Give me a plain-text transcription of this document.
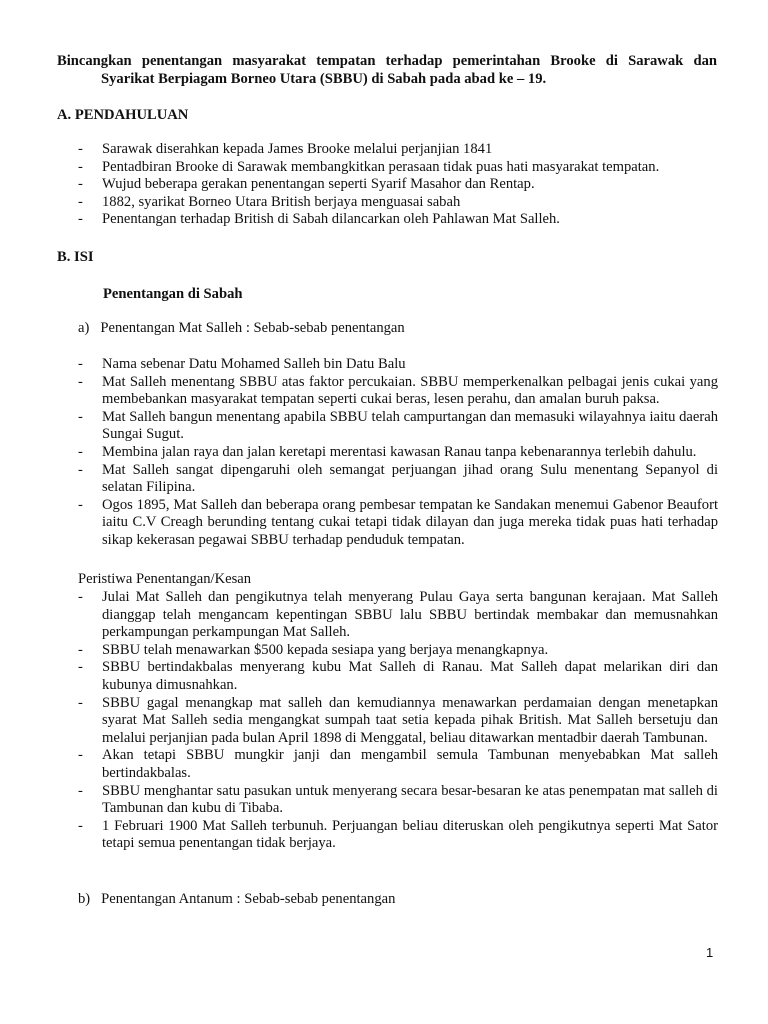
Bincangkan penentangan masyarakat tempatan terhadap pemerintahan Brooke di Sarawak dan
Syarikat Berpiagam Borneo Utara (SBBU) di Sabah pada abad ke – 19.
A. PENDAHULUAN
- Sarawak diserahkan kepada James Brooke melalui perjanjian 1841
- Pentadbiran Brooke di Sarawak membangkitkan perasaan tidak puas hati masyarakat tempatan.
- Wujud beberapa gerakan penentangan seperti Syarif Masahor dan Rentap.
- 1882, syarikat Borneo Utara British berjaya menguasai sabah
- Penentangan terhadap British di Sabah dilancarkan oleh Pahlawan Mat Salleh.
B. ISI
Penentangan di Sabah
a) Penentangan Mat Salleh : Sebab-sebab penentangan
- Nama sebenar Datu Mohamed Salleh bin Datu Balu
- Mat Salleh menentang SBBU atas faktor percukaian. SBBU memperkenalkan pelbagai jenis cukai yang membebankan masyarakat tempatan seperti cukai beras, lesen perahu, dan amalan buruh paksa.
- Mat Salleh bangun menentang apabila SBBU telah campurtangan dan memasuki wilayahnya iaitu daerah Sungai Sugut.
- Membina jalan raya dan jalan keretapi merentasi kawasan Ranau tanpa kebenarannya terlebih dahulu.
- Mat Salleh sangat dipengaruhi oleh semangat perjuangan jihad orang Sulu menentang Sepanyol di selatan Filipina.
- Ogos 1895, Mat Salleh dan beberapa orang pembesar tempatan ke Sandakan menemui Gabenor Beaufort iaitu C.V Creagh berunding tentang cukai tetapi tidak dilayan dan juga mereka tidak puas hati terhadap sikap kekerasan pegawai SBBU terhadap penduduk tempatan.
Peristiwa Penentangan/Kesan
- Julai Mat Salleh dan pengikutnya telah menyerang Pulau Gaya serta bangunan kerajaan. Mat Salleh dianggap telah mengancam kepentingan SBBU lalu SBBU bertindak membakar dan memusnahkan perkampungan perkampungan Mat Salleh.
- SBBU telah menawarkan $500 kepada sesiapa yang berjaya menangkapnya.
- SBBU bertindakbalas menyerang kubu Mat Salleh di Ranau. Mat Salleh dapat melarikan diri dan kubunya dimusnahkan.
- SBBU gagal menangkap mat salleh dan kemudiannya menawarkan perdamaian dengan menetapkan syarat Mat Salleh sedia mengangkat sumpah taat setia kepada pihak British. Mat Salleh bersetuju dan melalui perjanjian pada bulan April 1898 di Menggatal, beliau ditawarkan mentadbir daerah Tambunan.
- Akan tetapi SBBU mungkir janji dan mengambil semula Tambunan menyebabkan Mat salleh bertindakbalas.
- SBBU menghantar satu pasukan untuk menyerang secara besar-besaran ke atas penempatan mat salleh di Tambunan dan kubu di Tibaba.
- 1 Februari 1900 Mat Salleh terbunuh. Perjuangan beliau diteruskan oleh pengikutnya seperti Mat Sator tetapi semua penentangan tidak berjaya.
b) Penentangan Antanum : Sebab-sebab penentangan
1
